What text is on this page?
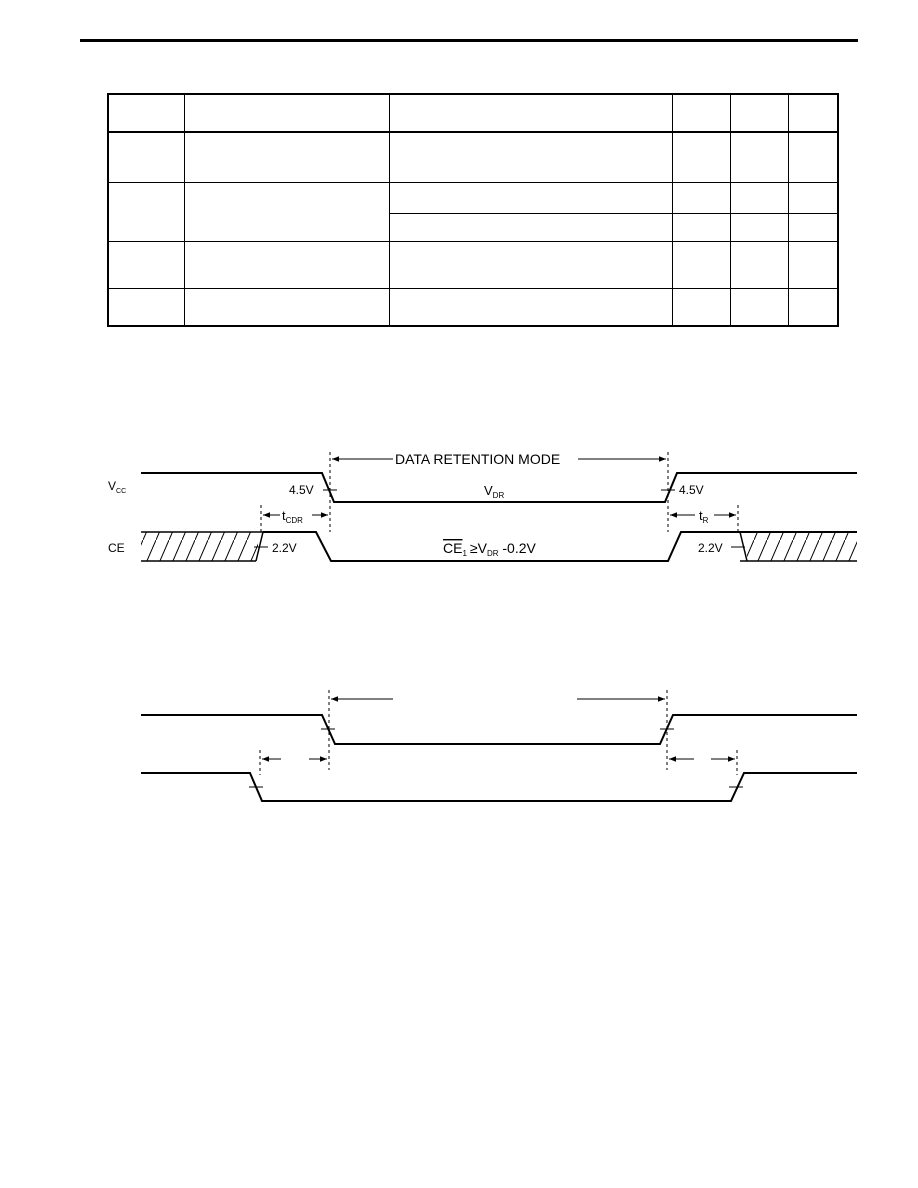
DATA RETENTION MODE
$V_{CC}$
CE
$V_{DR}$
4.5V	4.5V
$t_{CDR}$	$t_R$
2.2V	2.2V
$CE_1 \ge V_{DR}$ -0.2V
